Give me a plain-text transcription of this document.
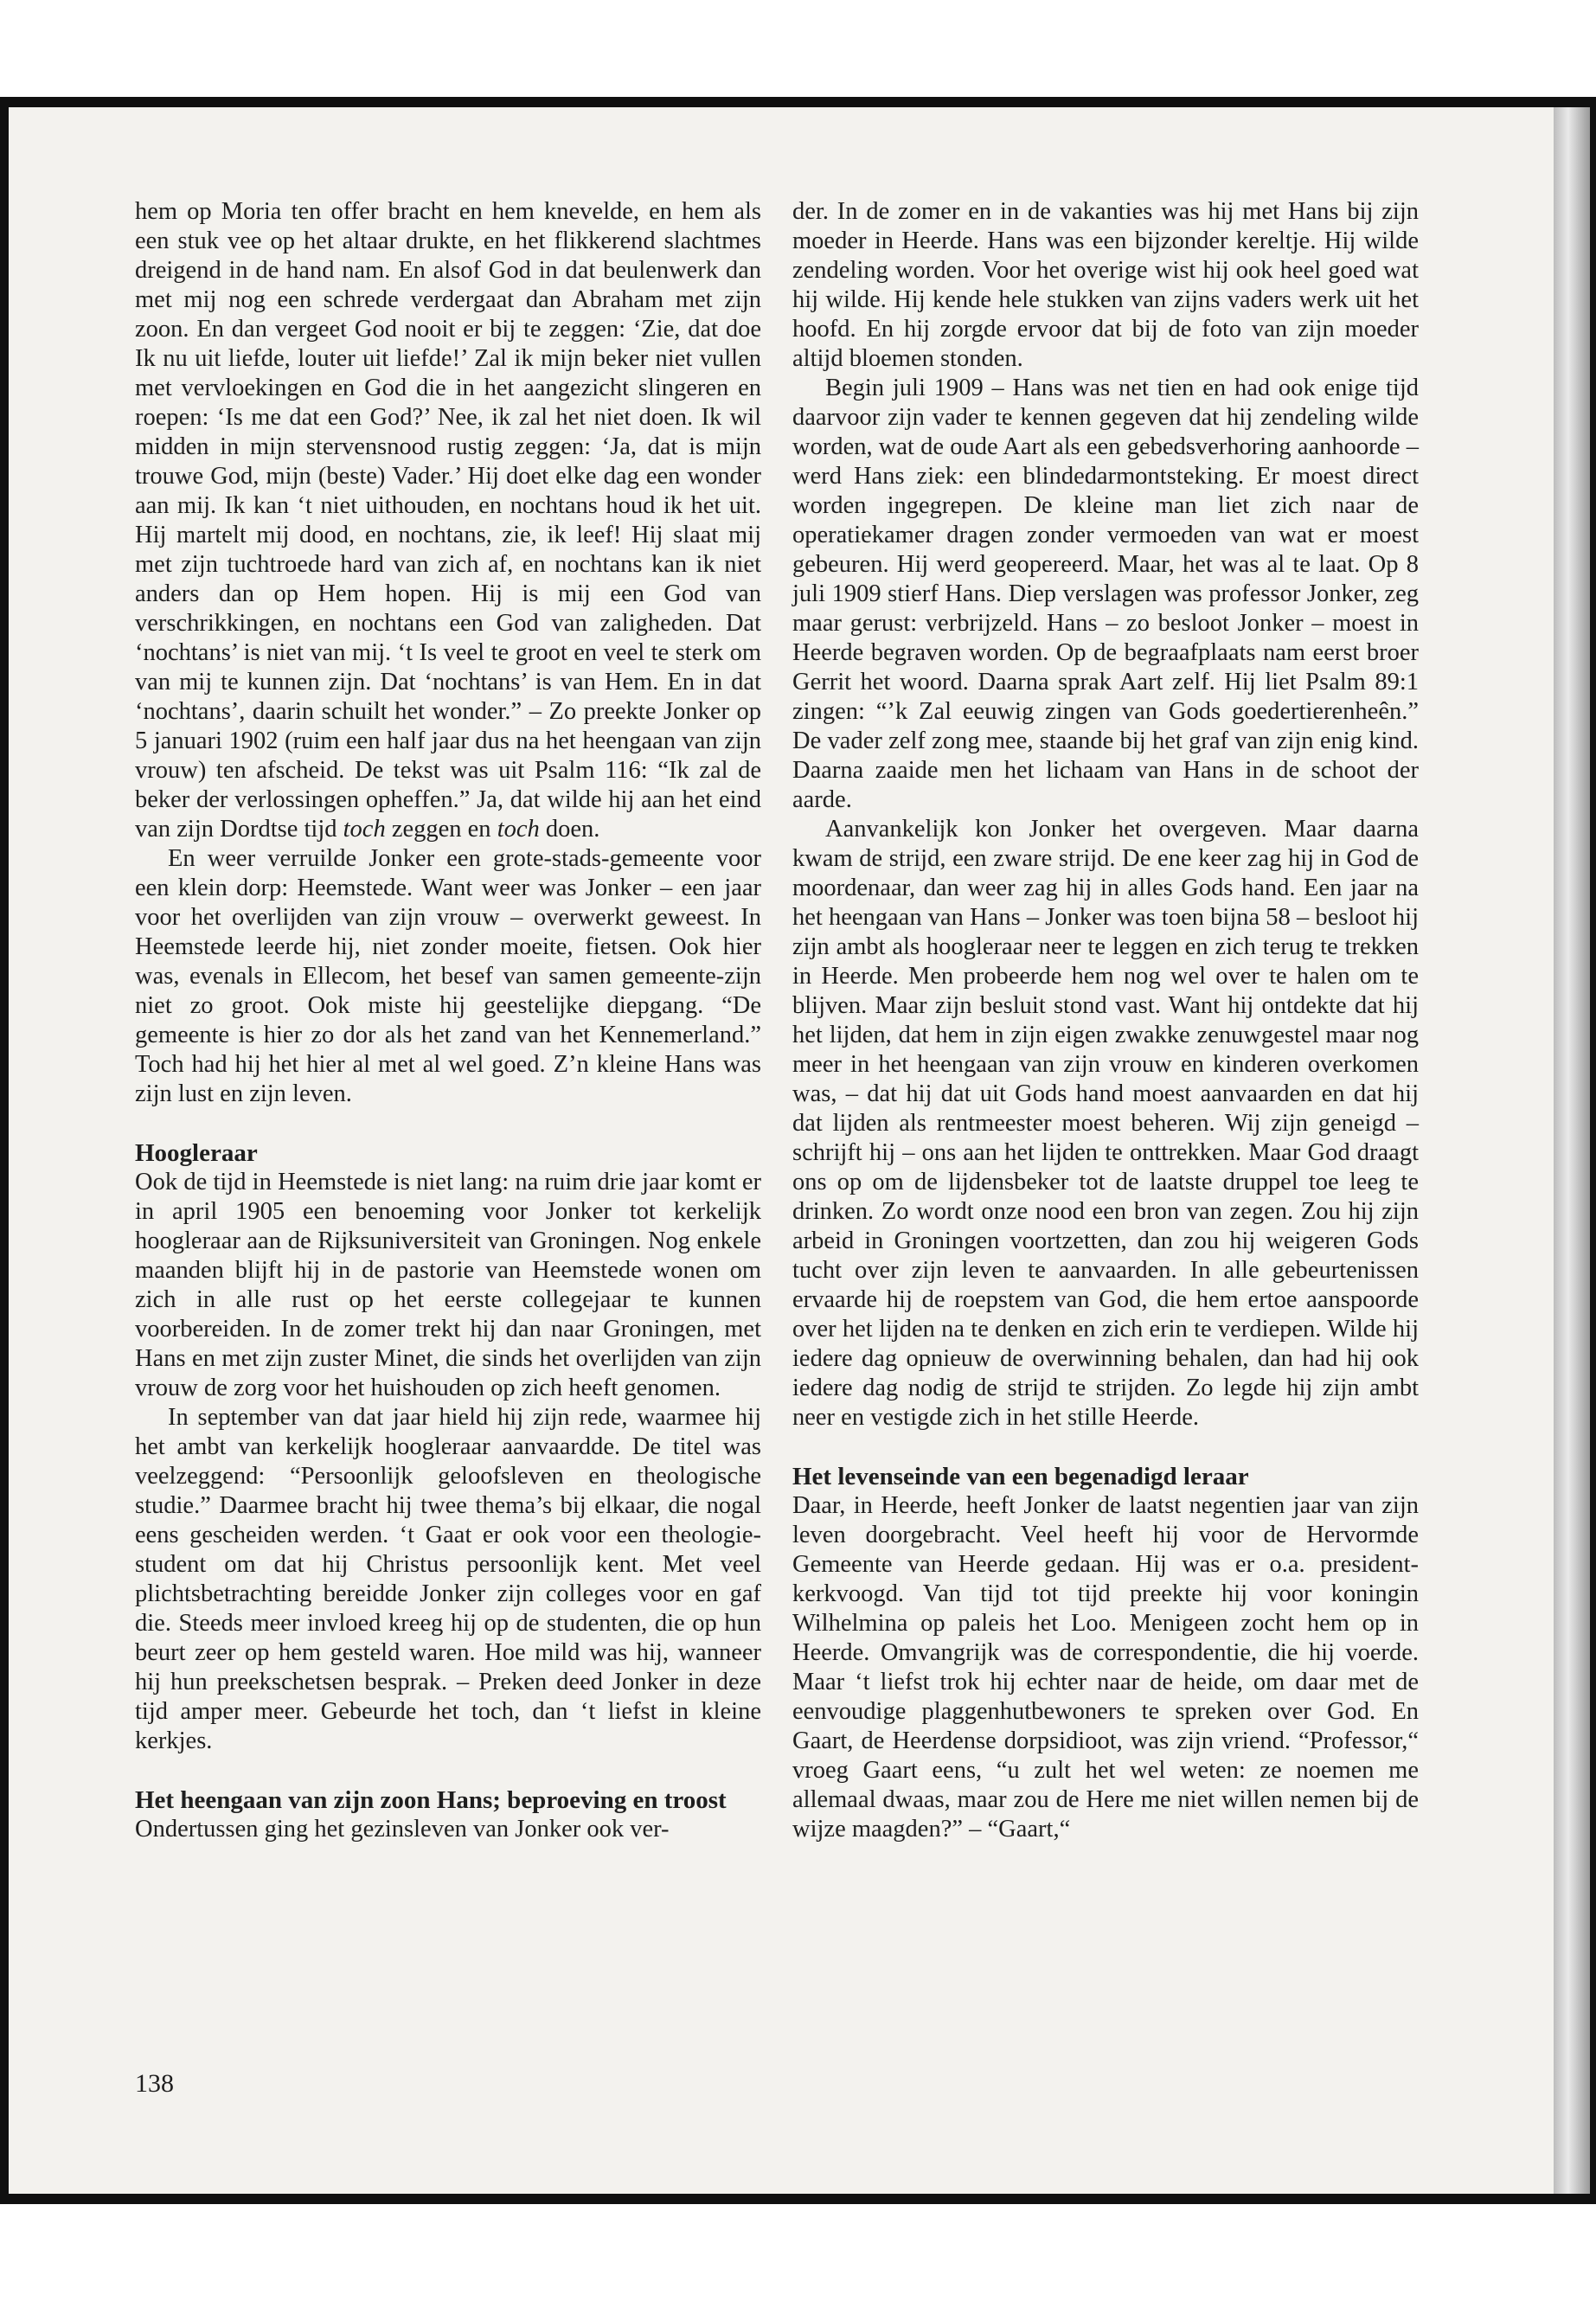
hem op Moria ten offer bracht en hem knevelde, en hem als een stuk vee op het altaar drukte, en het flikkerend slachtmes dreigend in de hand nam. En alsof God in dat beulenwerk dan met mij nog een schrede verdergaat dan Abraham met zijn zoon. En dan vergeet God nooit er bij te zeggen: ‘Zie, dat doe Ik nu uit liefde, louter uit liefde!’ Zal ik mijn beker niet vullen met vervloekingen en God die in het aangezicht slingeren en roepen: ‘Is me dat een God?’ Nee, ik zal het niet doen. Ik wil midden in mijn stervensnood rustig zeggen: ‘Ja, dat is mijn trouwe God, mijn (beste) Vader.’ Hij doet elke dag een wonder aan mij. Ik kan ‘t niet uithouden, en nochtans houd ik het uit. Hij martelt mij dood, en nochtans, zie, ik leef! Hij slaat mij met zijn tuchtroede hard van zich af, en nochtans kan ik niet anders dan op Hem hopen. Hij is mij een God van verschrikkingen, en nochtans een God van zaligheden. Dat ‘nochtans’ is niet van mij. ‘t Is veel te groot en veel te sterk om van mij te kunnen zijn. Dat ‘nochtans’ is van Hem. En in dat ‘nochtans’, daarin schuilt het wonder.” – Zo preekte Jonker op 5 januari 1902 (ruim een half jaar dus na het heengaan van zijn vrouw) ten afscheid. De tekst was uit Psalm 116: “Ik zal de beker der verlossingen opheffen.” Ja, dat wilde hij aan het eind van zijn Dordtse tijd toch zeggen en toch doen.

En weer verruilde Jonker een grote-stads-gemeente voor een klein dorp: Heemstede. Want weer was Jonker – een jaar voor het overlijden van zijn vrouw – overwerkt geweest. In Heemstede leerde hij, niet zonder moeite, fietsen. Ook hier was, evenals in Ellecom, het besef van samen gemeente-zijn niet zo groot. Ook miste hij geestelijke diepgang. “De gemeente is hier zo dor als het zand van het Kennemerland.” Toch had hij het hier al met al wel goed. Z’n kleine Hans was zijn lust en zijn leven.

Hoogleraar

Ook de tijd in Heemstede is niet lang: na ruim drie jaar komt er in april 1905 een benoeming voor Jonker tot kerkelijk hoogleraar aan de Rijksuniversiteit van Groningen. Nog enkele maanden blijft hij in de pastorie van Heemstede wonen om zich in alle rust op het eerste collegejaar te kunnen voorbereiden. In de zomer trekt hij dan naar Groningen, met Hans en met zijn zuster Minet, die sinds het overlijden van zijn vrouw de zorg voor het huishouden op zich heeft genomen.

In september van dat jaar hield hij zijn rede, waarmee hij het ambt van kerkelijk hoogleraar aanvaardde. De titel was veelzeggend: “Persoonlijk geloofsleven en theologische studie.” Daarmee bracht hij twee thema’s bij elkaar, die nogal eens gescheiden werden. ‘t Gaat er ook voor een theologie-student om dat hij Christus persoonlijk kent. Met veel plichtsbetrachting bereidde Jonker zijn colleges voor en gaf die. Steeds meer invloed kreeg hij op de studenten, die op hun beurt zeer op hem gesteld waren. Hoe mild was hij, wanneer hij hun preekschetsen besprak. – Preken deed Jonker in deze tijd amper meer. Gebeurde het toch, dan ‘t liefst in kleine kerkjes.

Het heengaan van zijn zoon Hans; beproeving en troost

Ondertussen ging het gezinsleven van Jonker ook ver-

der. In de zomer en in de vakanties was hij met Hans bij zijn moeder in Heerde. Hans was een bijzonder kereltje. Hij wilde zendeling worden. Voor het overige wist hij ook heel goed wat hij wilde. Hij kende hele stukken van zijns vaders werk uit het hoofd. En hij zorgde ervoor dat bij de foto van zijn moeder altijd bloemen stonden.

Begin juli 1909 – Hans was net tien en had ook enige tijd daarvoor zijn vader te kennen gegeven dat hij zendeling wilde worden, wat de oude Aart als een gebedsverhoring aanhoorde – werd Hans ziek: een blindedarmontsteking. Er moest direct worden ingegrepen. De kleine man liet zich naar de operatiekamer dragen zonder vermoeden van wat er moest gebeuren. Hij werd geopereerd. Maar, het was al te laat. Op 8 juli 1909 stierf Hans. Diep verslagen was professor Jonker, zeg maar gerust: verbrijzeld. Hans – zo besloot Jonker – moest in Heerde begraven worden. Op de begraafplaats nam eerst broer Gerrit het woord. Daarna sprak Aart zelf. Hij liet Psalm 89:1 zingen: “’k Zal eeuwig zingen van Gods goedertierenheên.” De vader zelf zong mee, staande bij het graf van zijn enig kind. Daarna zaaide men het lichaam van Hans in de schoot der aarde.

Aanvankelijk kon Jonker het overgeven. Maar daarna kwam de strijd, een zware strijd. De ene keer zag hij in God de moordenaar, dan weer zag hij in alles Gods hand. Een jaar na het heengaan van Hans – Jonker was toen bijna 58 – besloot hij zijn ambt als hoogleraar neer te leggen en zich terug te trekken in Heerde. Men probeerde hem nog wel over te halen om te blijven. Maar zijn besluit stond vast. Want hij ontdekte dat hij het lijden, dat hem in zijn eigen zwakke zenuwgestel maar nog meer in het heengaan van zijn vrouw en kinderen overkomen was, – dat hij dat uit Gods hand moest aanvaarden en dat hij dat lijden als rentmeester moest beheren. Wij zijn geneigd – schrijft hij – ons aan het lijden te onttrekken. Maar God draagt ons op om de lijdensbeker tot de laatste druppel toe leeg te drinken. Zo wordt onze nood een bron van zegen. Zou hij zijn arbeid in Groningen voortzetten, dan zou hij weigeren Gods tucht over zijn leven te aanvaarden. In alle gebeurtenissen ervaarde hij de roepstem van God, die hem ertoe aanspoorde over het lijden na te denken en zich erin te verdiepen. Wilde hij iedere dag opnieuw de overwinning behalen, dan had hij ook iedere dag nodig de strijd te strijden. Zo legde hij zijn ambt neer en vestigde zich in het stille Heerde.

Het levenseinde van een begenadigd leraar

Daar, in Heerde, heeft Jonker de laatst negentien jaar van zijn leven doorgebracht. Veel heeft hij voor de Hervormde Gemeente van Heerde gedaan. Hij was er o.a. president-kerkvoogd. Van tijd tot tijd preekte hij voor koningin Wilhelmina op paleis het Loo. Menigeen zocht hem op in Heerde. Omvangrijk was de correspondentie, die hij voerde. Maar ‘t liefst trok hij echter naar de heide, om daar met de eenvoudige plaggenhutbewoners te spreken over God. En Gaart, de Heerdense dorpsidioot, was zijn vriend. “Professor,“ vroeg Gaart eens, “u zult het wel weten: ze noemen me allemaal dwaas, maar zou de Here me niet willen nemen bij de wijze maagden?” – “Gaart,“

138
